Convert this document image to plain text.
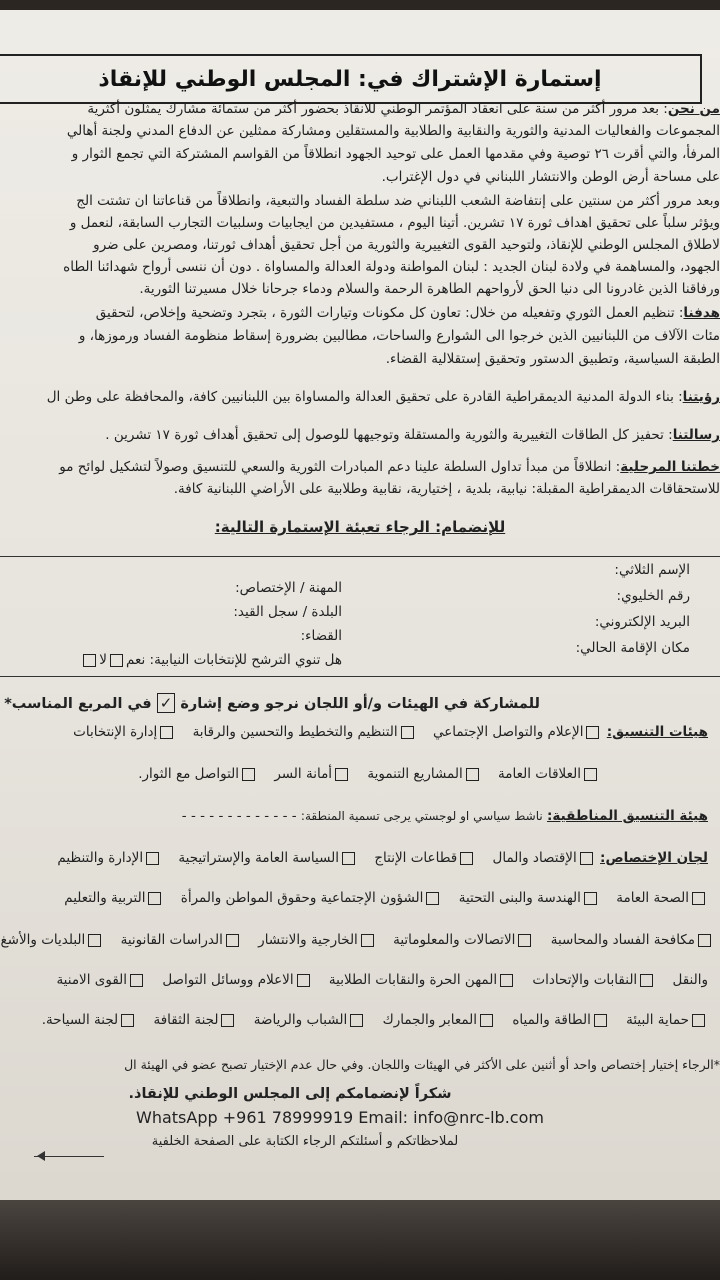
إستمارة الإشتراك في: المجلس الوطني للإنقاذ
من نحن: بعد مرور أكثر من سنة على انعقاد المؤتمر الوطني للانقاذ بحضور أكثر من ستمائة مشارك يمثلون أكثرية
المجموعات والفعاليات المدنية والثورية والنقابية والطلابية والمستقلين ومشاركة ممثلين عن الدفاع المدني ولجنة أهالي
المرفأ، والتي أقرت ٢٦ توصية وفي مقدمها العمل على توحيد الجهود انطلاقاً من القواسم المشتركة التي تجمع الثوار و
على مساحة أرض الوطن والانتشار اللبناني في دول الإغتراب.
وبعد مرور أكثر من سنتين على إنتفاضة الشعب اللبناني ضد سلطة الفساد والتبعية، وانطلاقاً من قناعاتنا ان تشتت الج
ويؤثر سلباً على تحقيق اهداف ثورة ١٧ تشرين. أتينا اليوم ، مستفيدين من ايجابيات وسلبيات التجارب السابقة، لنعمل و
لاطلاق المجلس الوطني للإنقاذ، ولتوحيد القوى التغييرية والثورية من أجل تحقيق أهداف ثورتنا، ومصرين على ضرو
الجهود، والمساهمة في ولادة لبنان الجديد : لبنان المواطنة ودولة العدالة والمساواة . دون أن ننسى أرواح شهدائنا الطاه
ورفاقنا الذين غادرونا الى دنيا الحق لأرواحهم الطاهرة الرحمة والسلام ودماء جرحانا خلال مسيرتنا الثورية.
هدفنا: تنظيم العمل الثوري وتفعيله من خلال: تعاون كل مكونات وتيارات الثورة ، بتجرد وتضحية وإخلاص، لتحقيق
مئات الآلاف من اللبنانيين الذين خرجوا الى الشوارع والساحات، مطالبين بضرورة إسقاط منظومة الفساد ورموزها، و
الطبقة السياسية، وتطبيق الدستور وتحقيق إستقلالية القضاء.
رؤيتنا: بناء الدولة المدنية الديمقراطية القادرة على تحقيق العدالة والمساواة بين اللبنانيين كافة، والمحافظة على وطن ال
رسالتنا: تحفيز كل الطاقات التغييرية والثورية والمستقلة وتوجيهها للوصول إلى تحقيق أهداف ثورة ١٧ تشرين .
خطتنا المرحلية: انطلاقاً من مبدأ تداول السلطة علينا دعم المبادرات الثورية والسعي للتنسيق وصولاً لتشكيل لوائح مو
للاستحقاقات الديمقراطية المقبلة: نيابية، بلدية ، إختيارية، نقابية وطلابية على الأراضي اللبنانية كافة.
للإنضمام: الرجاء تعبئة الإستمارة التالية:
الإسم الثلاثي:
رقم الخليوي:
البريد الإلكتروني:
مكان الإقامة الحالي:
المهنة / الإختصاص:
البلدة / سجل القيد:
القضاء:
هل تنوي الترشح للإنتخابات النيابية: نعملا
للمشاركة في الهيئات و/أو اللجان نرجو وضع إشارة ✓ في المربع المناسب*
هيئات التنسيق: الإعلام والتواصل الإجتماعي التنظيم والتخطيط والتحسين والرقابة إدارة الإنتخابات
العلاقات العامة المشاريع التنموية أمانة السر التواصل مع الثوار.
هيئة التنسيق المناطقية: ناشط سياسي او لوجستي يرجى تسمية المنطقة: - - - - - - - - - - - - -
لجان الإختصاص: الإقتصاد والمال قطاعات الإنتاج السياسة العامة والإستراتيجية الإدارة والتنظيم
الصحة العامة الهندسة والبنى التحتية الشؤون الإجتماعية وحقوق المواطن والمرأة التربية والتعليم
مكافحة الفساد والمحاسبة الاتصالات والمعلوماتية الخارجية والانتشار الدراسات القانونية البلديات والأشغ
والنقل النقابات والإتحادات المهن الحرة والنقابات الطلابية الاعلام ووسائل التواصل القوى الامنية
حماية البيئة الطاقة والمياه المعابر والجمارك الشباب والرياضة لجنة الثقافة لجنة السياحة.
*الرجاء إختيار إختصاص واحد أو أثنين على الأكثر في الهيئات واللجان. وفي حال عدم الإختيار تصبح عضو في الهيئة ال
شكراً لإنضمامكم إلى المجلس الوطني للإنقاذ.
WhatsApp +961 78999919 Email: info@nrc-lb.com
لملاحظاتكم و أسئلتكم الرجاء الكتابة على الصفحة الخلفية
